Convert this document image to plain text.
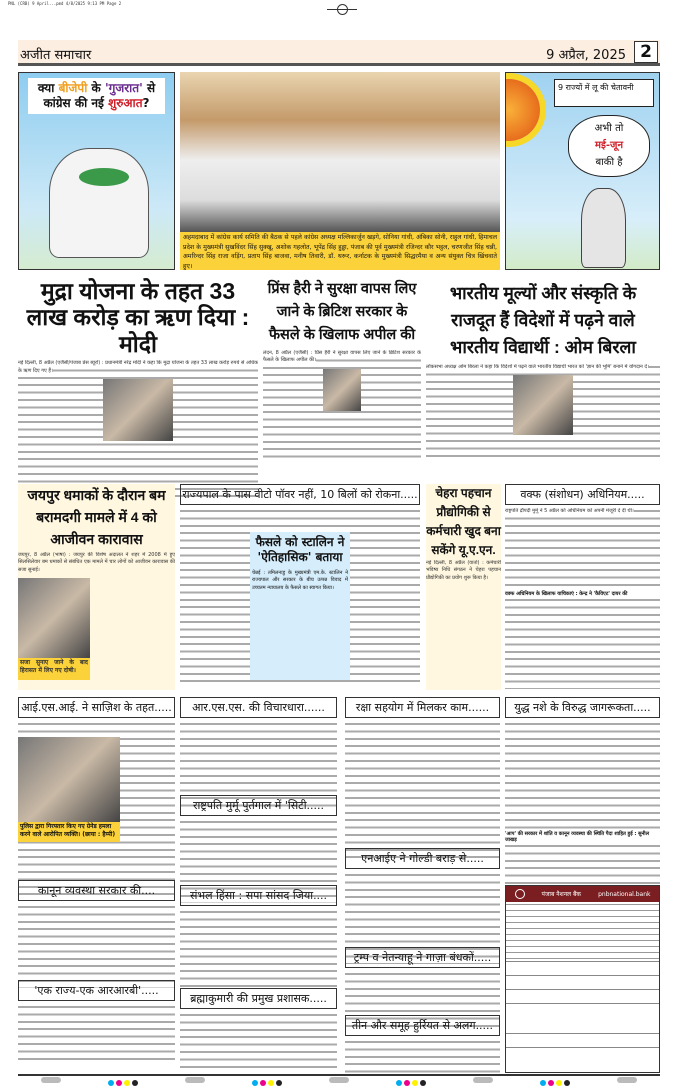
PNL (CRB) 9 April...pmd 4/8/2025 9:13 PM Page 2
अजीत समाचार	9 अप्रैल, 2025 2
क्या बीजेपी के 'गुजरात' से कांग्रेस की नई शुरुआत?
अहमदाबाद में कांग्रेस कार्य समिति की बैठक से पहले कांग्रेस अध्यक्ष मल्लिकार्जुन खड़गे, सोनिया गांधी, अंबिका सोनी, राहुल गांधी, हिमाचल प्रदेश के मुख्यमंत्री सुखविंदर सिंह सुक्खू, अशोक गहलोत, भूपेंद्र सिंह हुड्डा, पंजाब की पूर्व मुख्यमंत्री रजिन्दर कौर भट्ठल, चरणजीत सिंह चन्नी, अमरिन्दर सिंह राजा वड़िंग, प्रताप सिंह बाजवा, मनीष तिवारी, डॉ. थरूर, कर्नाटक के मुख्यमंत्री सिद्धरमैया व अन्य संयुक्त चित्र खिंचवाते हुए।
9 राज्यों में लू की चेतावनी
अभी तो
मई-जून
बाकी है
मुद्रा योजना के तहत 33 लाख करोड़ का ऋण दिया : मोदी
नई दिल्ली, 8 अप्रैल (एजैंसी/पंजाब प्रेस ब्यूरो) : प्रधानमंत्री नरेंद्र मोदी ने कहा कि मुद्रा योजना के तहत 33 लाख करोड़ रुपये से अधिक के ऋण दिए गए हैं।
प्रिंस हैरी ने सुरक्षा वापस लिए जाने के ब्रिटिश सरकार के फैसले के खिलाफ अपील की
लंदन, 8 अप्रैल (एजैंसी) : प्रिंस हैरी ने सुरक्षा वापस लिए जाने के ब्रिटिश सरकार के फैसले के खिलाफ अपील की।
भारतीय मूल्यों और संस्कृति के राजदूत हैं विदेशों में पढ़ने वाले भारतीय विद्यार्थी : ओम बिरला
लोकसभा अध्यक्ष ओम बिरला ने कहा कि विदेशों में पढ़ने वाले भारतीय विद्यार्थी भारत को 'ज्ञान की भूमि' बनाने में योगदान दें।
जयपुर धमाकों के दौरान बम बरामदगी मामले में 4 को आजीवन कारावास
जयपुर, 8 अप्रैल (भाषा) : जयपुर की विशेष अदालत ने शहर में 2008 में हुए सिलसिलेवार बम धमाकों से संबंधित एक मामले में चार लोगों को आजीवन कारावास की सजा सुनाई।
सजा सुनाए जाने के बाद हिरासत में लिए गए दोषी।
राज्यपाल के पास वीटो पॉवर नहीं, 10 बिलों को रोकना.....
फैसले को स्टालिन ने 'ऐतिहासिक' बताया
चेन्नई : तमिलनाडु के मुख्यमंत्री एम.के. स्टालिन ने राज्यपाल और सरकार के बीच उत्पन्न विवाद में उच्चतम न्यायालय के फैसले का स्वागत किया।
चेहरा पहचान प्रौद्योगिकी से कर्मचारी खुद बना सकेंगे यू.ए.एन.
नई दिल्ली, 8 अप्रैल (वार्ता) : कर्मचारी भविष्य निधि संगठन ने चेहरा पहचान प्रौद्योगिकी का प्रयोग शुरू किया है।
वक्फ (संशोधन) अधिनियम.....
राष्ट्रपति द्रौपदी मुर्मू ने 5 अप्रैल को अधिनियम को अपनी मंजूरी दे दी थी।
वक्फ अधिनियम के खिलाफ याचिकाएं : केन्द्र ने 'कैविएट' दायर की
आई.एस.आई. ने साज़िश के तहत.....
पुलिस द्वारा गिरफ्तार किए गए ग्रेनेड हमला करने वाले आरोपित व्यक्ति। (छाया : हैप्पी)
आर.एस.एस. की विचारधारा......
राष्ट्रपति मुर्मू पुर्तगाल में 'सिटी.....
रक्षा सहयोग में मिलकर काम......	युद्ध नशे के विरुद्ध जागरूकता.....
'आप' की सरकार में शांति व कानून व्यवस्था की स्थिति पैदा शाहित हुई : सुनील जाखड़
एनआईए ने गोल्डी बराड़ से.....
कानून व्यवस्था सरकार की....	संभल हिंसा : सपा सांसद जिया....
ट्रम्प व नेतन्याहू ने गाज़ा बंधकों.....
'एक राज्य-एक आरआरबी'.....
ब्रह्माकुमारी की प्रमुख प्रशासक.....
तीन और समूह हुर्रियत से अलग.....
पंजाब नैशनल बैंक	pnbnational.bank
